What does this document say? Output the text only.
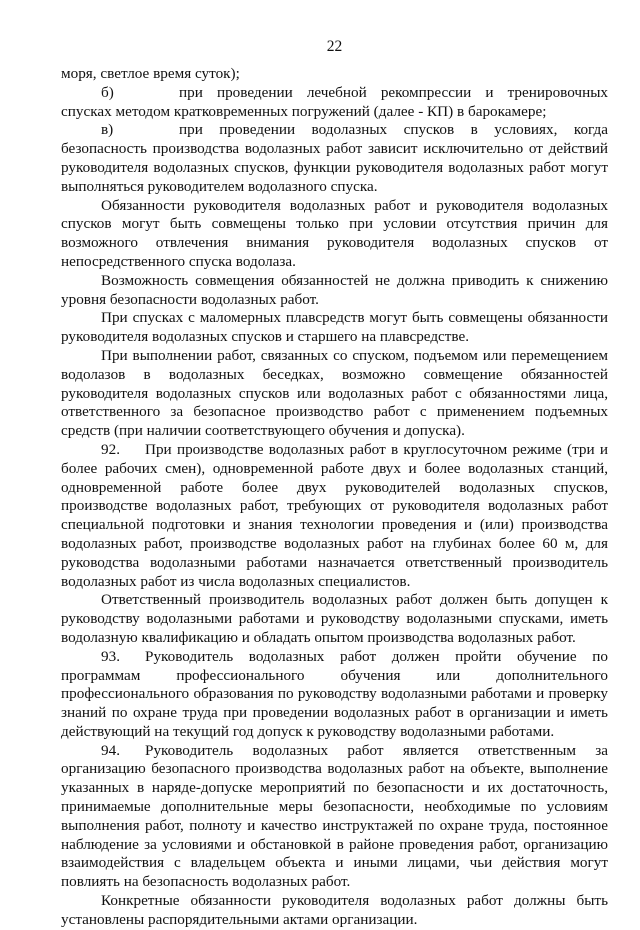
22

моря, светлое время суток);

б)	при проведении лечебной рекомпрессии и тренировочных спусках методом кратковременных погружений (далее - КП) в барокамере;

в)	при проведении водолазных спусков в условиях, когда безопасность производства водолазных работ зависит исключительно от действий руководителя водолазных спусков, функции руководителя водолазных работ могут выполняться руководителем водолазного спуска.

Обязанности руководителя водолазных работ и руководителя водолазных спусков могут быть совмещены только при условии отсутствия причин для возможного отвлечения внимания руководителя водолазных спусков от непосредственного спуска водолаза.

Возможность совмещения обязанностей не должна приводить к снижению уровня безопасности водолазных работ.

При спусках с маломерных плавсредств могут быть совмещены обязанности руководителя водолазных спусков и старшего на плавсредстве.

При выполнении работ, связанных со спуском, подъемом или перемещением водолазов в водолазных беседках, возможно совмещение обязанностей руководителя водолазных спусков или водолазных работ с обязанностями лица, ответственного за безопасное производство работ с применением подъемных средств (при наличии соответствующего обучения и допуска).

92. При производстве водолазных работ в круглосуточном режиме (три и более рабочих смен), одновременной работе двух и более водолазных станций, одновременной работе более двух руководителей водолазных спусков, производстве водолазных работ, требующих от руководителя водолазных работ специальной подготовки и знания технологии проведения и (или) производства водолазных работ, производстве водолазных работ на глубинах более 60 м, для руководства водолазными работами назначается ответственный производитель водолазных работ из числа водолазных специалистов.

Ответственный производитель водолазных работ должен быть допущен к руководству водолазными работами и руководству водолазными спусками, иметь водолазную квалификацию и обладать опытом производства водолазных работ.

93. Руководитель водолазных работ должен пройти обучение по программам профессионального обучения или дополнительного профессионального образования по руководству водолазными работами и проверку знаний по охране труда при проведении водолазных работ в организации и иметь действующий на текущий год допуск к руководству водолазными работами.

94. Руководитель водолазных работ является ответственным за организацию безопасного производства водолазных работ на объекте, выполнение указанных в наряде-допуске мероприятий по безопасности и их достаточность, принимаемые дополнительные меры безопасности, необходимые по условиям выполнения работ, полноту и качество инструктажей по охране труда, постоянное наблюдение за условиями и обстановкой в районе проведения работ, организацию взаимодействия с владельцем объекта и иными лицами, чьи действия могут повлиять на безопасность водолазных работ.

Конкретные обязанности руководителя водолазных работ должны быть установлены распорядительными актами организации.
